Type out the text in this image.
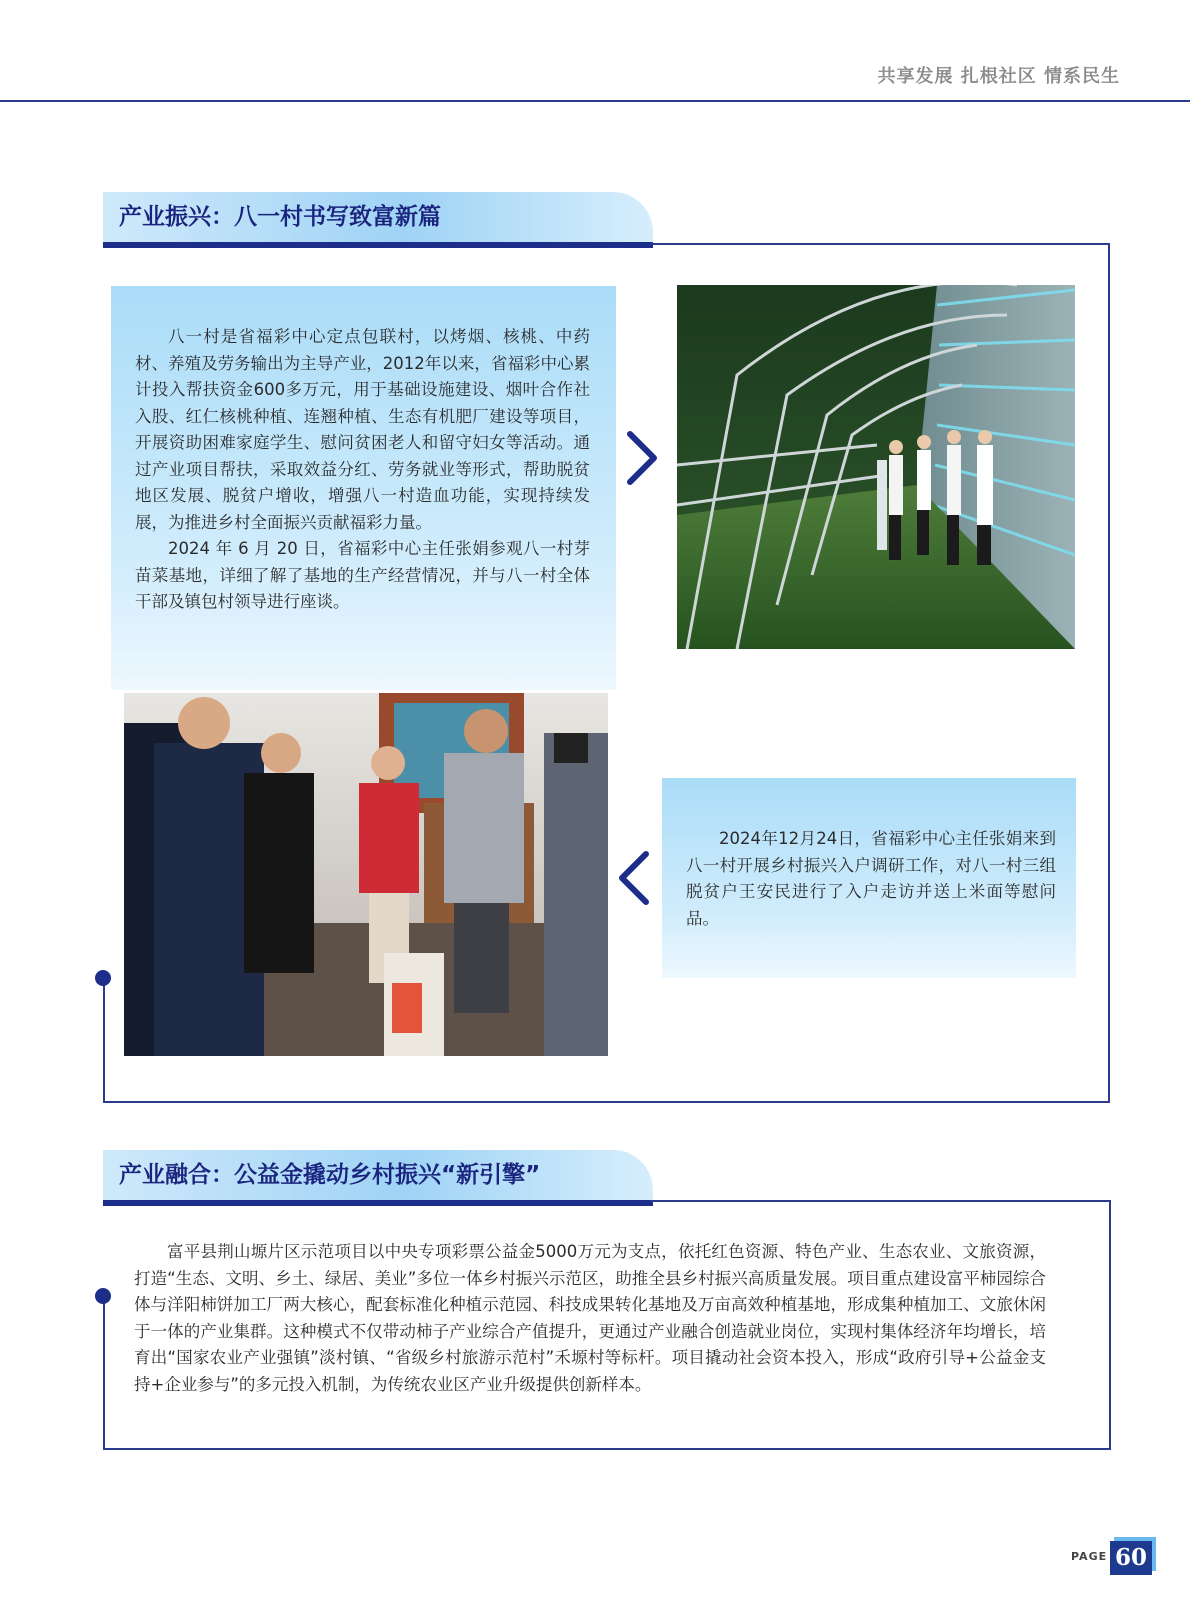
共享发展 扎根社区 情系民生
产业振兴：八一村书写致富新篇

八一村是省福彩中心定点包联村，以烤烟、核桃、中药材、养殖及劳务输出为主导产业，2012年以来，省福彩中心累计投入帮扶资金600多万元，用于基础设施建设、烟叶合作社入股、红仁核桃种植、连翘种植、生态有机肥厂建设等项目，开展资助困难家庭学生、慰问贫困老人和留守妇女等活动。通过产业项目帮扶，采取效益分红、劳务就业等形式，帮助脱贫地区发展、脱贫户增收，增强八一村造血功能，实现持续发展，为推进乡村全面振兴贡献福彩力量。

2024 年 6 月 20 日，省福彩中心主任张娟参观八一村芽苗菜基地，详细了解了基地的生产经营情况，并与八一村全体干部及镇包村领导进行座谈。

2024年12月24日，省福彩中心主任张娟来到八一村开展乡村振兴入户调研工作，对八一村三组脱贫户王安民进行了入户走访并送上米面等慰问品。

产业融合：公益金撬动乡村振兴“新引擎”

富平县荆山塬片区示范项目以中央专项彩票公益金5000万元为支点，依托红色资源、特色产业、生态农业、文旅资源，打造“生态、文明、乡土、绿居、美业”多位一体乡村振兴示范区，助推全县乡村振兴高质量发展。项目重点建设富平柿园综合体与洋阳柿饼加工厂两大核心，配套标准化种植示范园、科技成果转化基地及万亩高效种植基地，形成集种植加工、文旅休闲于一体的产业集群。这种模式不仅带动柿子产业综合产值提升，更通过产业融合创造就业岗位，实现村集体经济年均增长，培育出“国家农业产业强镇”淡村镇、“省级乡村旅游示范村”禾塬村等标杆。项目撬动社会资本投入，形成“政府引导+公益金支持+企业参与”的多元投入机制，为传统农业区产业升级提供创新样本。

PAGE 60
